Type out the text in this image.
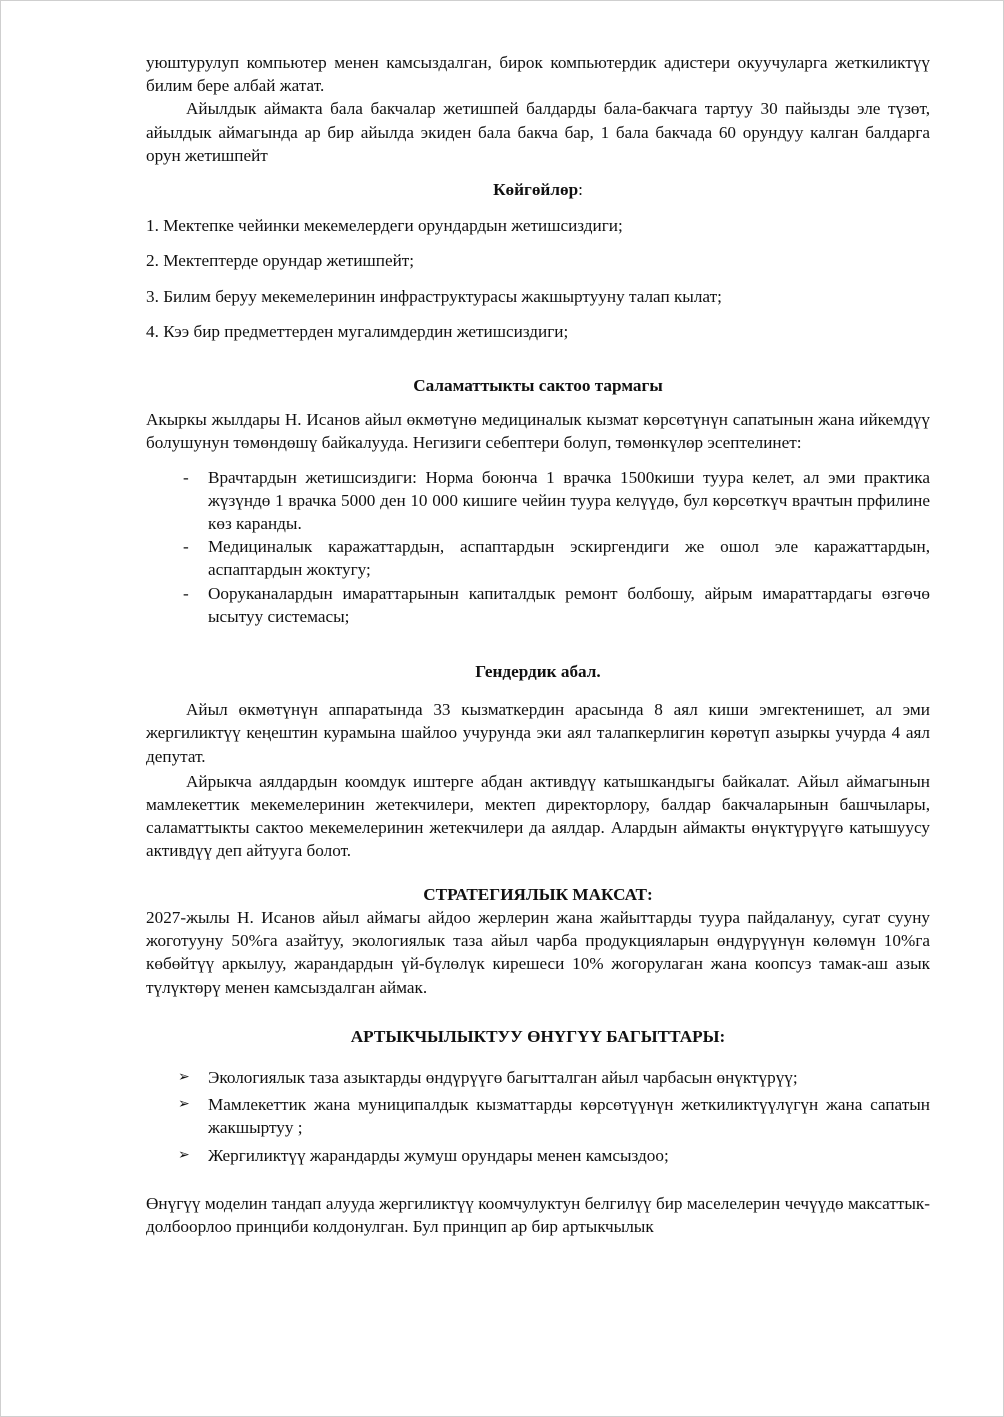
уюштурулуп компьютер менен камсыздалган, бирок компьютердик адистери окуучуларга жеткиликтүү билим бере албай жатат.

Айылдык аймакта бала бакчалар жетишпей балдарды бала-бакчага тартуу 30 пайызды эле түзөт, айылдык аймагында ар бир айылда экиден бала бакча бар, 1 бала бакчада 60 орундуу калган балдарга орун жетишпейт

Көйгөйлөр:

1. Мектепке чейинки мекемелердеги орундардын жетишсиздиги;
2. Мектептерде орундар жетишпейт;
3. Билим беруу мекемелеринин инфраструктурасы жакшыртууну талап кылат;
4. Кээ бир предметтерден мугалимдердин жетишсиздиги;

Саламаттыкты сактоо тармагы

Акыркы жылдары Н. Исанов айыл өкмөтүнө медициналык кызмат көрсөтүнүн сапатынын жана ийкемдүү болушунун төмөндөшү байкалууда. Негизиги себептери болуп, төмөнкүлөр эсептелинет:

- Врачтардын жетишсиздиги: Норма боюнча 1 врачка 1500киши туура келет, ал эми практика жүзүндө 1 врачка 5000 ден 10 000 кишиге чейин туура келүүдө, бул көрсөткүч врачтын прфилине көз каранды.
- Медициналык каражаттардын, аспаптардын эскиргендиги же ошол эле каражаттардын, аспаптардын жоктугу;
- Ооруканалардын имараттарынын капиталдык ремонт болбошу, айрым имараттардагы өзгөчө ысытуу системасы;

Гендердик абал.

Айыл өкмөтүнүн аппаратында 33 кызматкердин арасында 8 аял киши эмгектенишет, ал эми жергиликтүү кеңештин курамына шайлоо учурунда эки аял талапкерлигин көрөтүп азыркы учурда 4 аял депутат.

Айрыкча аялдардын коомдук иштерге абдан активдүү катышкандыгы байкалат. Айыл аймагынын мамлекеттик мекемелеринин жетекчилери, мектеп директорлору, балдар бакчаларынын башчылары, саламаттыкты сактоо мекемелеринин жетекчилери да аялдар. Алардын аймакты өнүктүрүүгө катышуусу активдүү деп айтууга болот.

СТРАТЕГИЯЛЫК МАКСАТ:

2027-жылы Н. Исанов айыл аймагы айдоо жерлерин жана жайыттарды туура пайдалануу, сугат сууну жоготууну 50%га азайтуу, экологиялык таза айыл чарба продукцияларын өндүрүүнүн көлөмүн 10%га көбөйтүү аркылуу, жарандардын үй-бүлөлүк кирешеси 10% жогорулаган жана коопсуз тамак-аш азык түлүктөрү менен камсыздалган аймак.

АРТЫКЧЫЛЫКТУУ ӨНҮГҮҮ БАГЫТТАРЫ:

➢ Экологиялык таза азыктарды өндүрүүгө багытталган айыл чарбасын өнүктүрүү;
➢ Мамлекеттик жана муниципалдык кызматтарды көрсөтүүнүн жеткиликтүүлүгүн жана сапатын жакшыртуу ;
➢ Жергиликтүү жарандарды жумуш орундары менен камсыздоо;

Өнүгүү моделин тандап алууда жергиликтүү коомчулуктун белгилүү бир маселелерин чечүүдө максаттык-долбоорлоо принциби колдонулган. Бул принцип ар бир артыкчылык
